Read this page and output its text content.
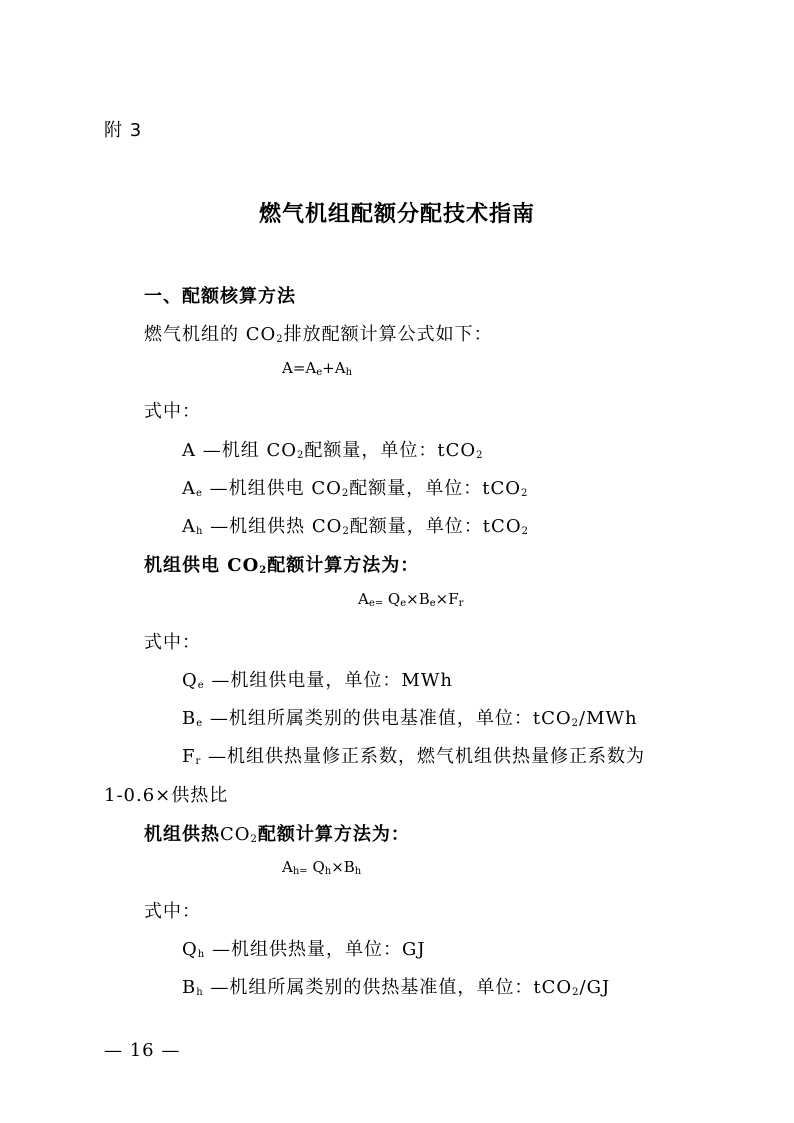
附 3
燃气机组配额分配技术指南
一、配额核算方法
燃气机组的 $CO_2$排放配额计算公式如下：
$A=A_e+A_h$
式中：
A —机组 $CO_2$配额量，单位：tCO$_2$
$A_e$ —机组供电 $CO_2$配额量，单位：tCO$_2$
$A_h$ —机组供热 $CO_2$配额量，单位：tCO$_2$
机组供电 $CO_2$配额计算方法为：
$A_{e=}$ $Q_e\times B_e\times F_r$
式中：
$Q_e$ —机组供电量，单位：MWh
$B_e$ —机组所属类别的供电基准值，单位：tCO$_2$/MWh
$F_r$ —机组供热量修正系数，燃气机组供热量修正系数为
1-0.6×供热比
机组供热$CO_2$配额计算方法为：
$A_{h=}$ $Q_h\times B_h$
式中：
$Q_h$ —机组供热量，单位：GJ
$B_h$ —机组所属类别的供热基准值，单位：tCO$_2$/GJ
— 16 —
